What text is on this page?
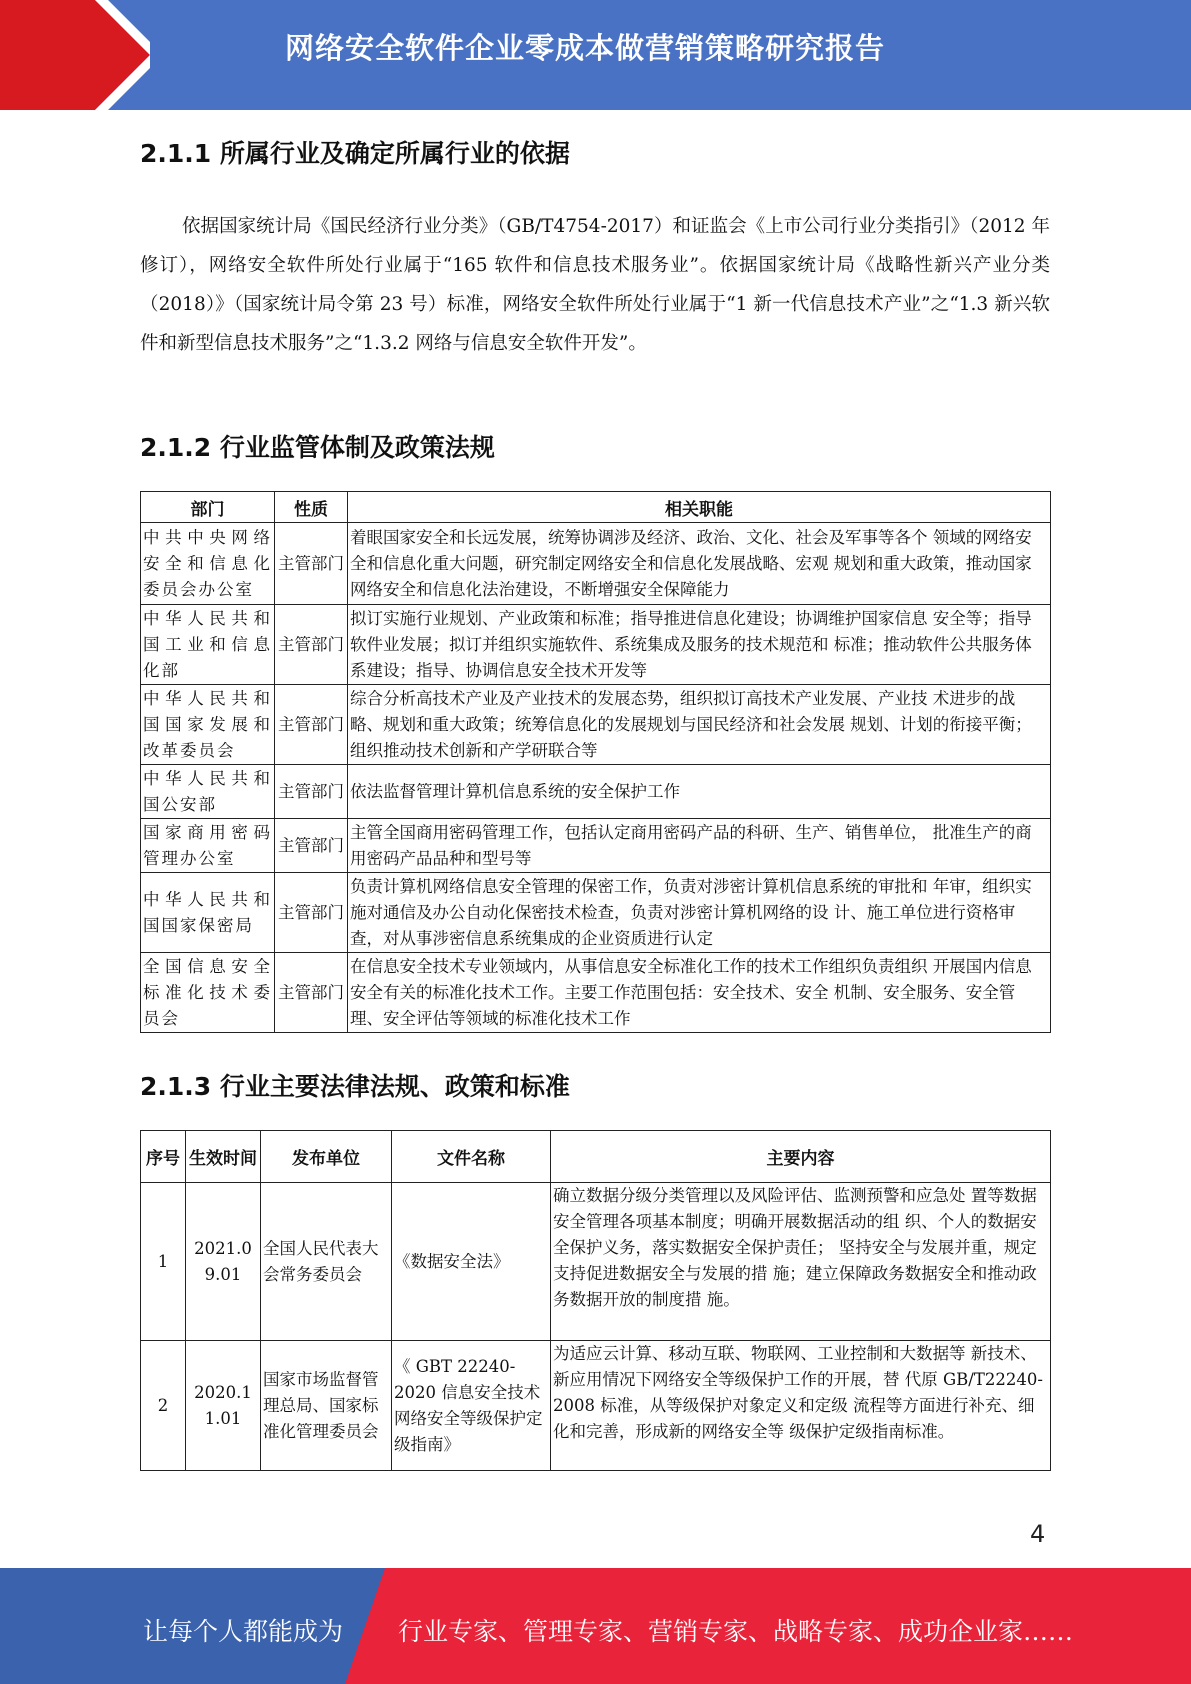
网络安全软件企业零成本做营销策略研究报告
2.1.1 所属行业及确定所属行业的依据

依据国家统计局《国民经济行业分类》（GB/T4754-2017）和证监会《上市公司行业分类指引》（2012 年修订），网络安全软件所处行业属于“165 软件和信息技术服务业”。依据国家统计局《战略性新兴产业分类（2018）》（国家统计局令第 23 号）标准，网络安全软件所处行业属于“1 新一代信息技术产业”之“1.3 新兴软件和新型信息技术服务”之“1.3.2 网络与信息安全软件开发”。

2.1.2 行业监管体制及政策法规
部门	性质	相关职能
中共中央网络安全和信息化委员会办公室	主管部门	着眼国家安全和长远发展，统筹协调涉及经济、政治、文化、社会及军事等各个 领域的网络安全和信息化重大问题，研究制定网络安全和信息化发展战略、宏观 规划和重大政策，推动国家网络安全和信息化法治建设，不断增强安全保障能力
中华人民共和国工业和信息化部	主管部门	拟订实施行业规划、产业政策和标准；指导推进信息化建设；协调维护国家信息 安全等；指导软件业发展；拟订并组织实施软件、系统集成及服务的技术规范和 标准；推动软件公共服务体系建设；指导、协调信息安全技术开发等
中华人民共和国国家发展和改革委员会	主管部门	综合分析高技术产业及产业技术的发展态势，组织拟订高技术产业发展、产业技 术进步的战略、规划和重大政策；统筹信息化的发展规划与国民经济和社会发展 规划、计划的衔接平衡；组织推动技术创新和产学研联合等
中华人民共和国公安部	主管部门	依法监督管理计算机信息系统的安全保护工作
国家商用密码管理办公室	主管部门	主管全国商用密码管理工作，包括认定商用密码产品的科研、生产、销售单位， 批准生产的商用密码产品品种和型号等
中华人民共和国国家保密局	主管部门	负责计算机网络信息安全管理的保密工作，负责对涉密计算机信息系统的审批和 年审，组织实施对通信及办公自动化保密技术检查，负责对涉密计算机网络的设 计、施工单位进行资格审查，对从事涉密信息系统集成的企业资质进行认定
全国信息安全标准化技术委员会	主管部门	在信息安全技术专业领域内，从事信息安全标准化工作的技术工作组织负责组织 开展国内信息安全有关的标准化技术工作。主要工作范围包括：安全技术、安全 机制、安全服务、安全管理、安全评估等领域的标准化技术工作
2.1.3 行业主要法律法规、政策和标准
序号	生效时间	发布单位	文件名称	主要内容
1	2021.09.01	全国人民代表大会常务委员会	《数据安全法》	确立数据分级分类管理以及风险评估、监测预警和应急处 置等数据安全管理各项基本制度；明确开展数据活动的组 织、个人的数据安全保护义务，落实数据安全保护责任； 坚持安全与发展并重，规定支持促进数据安全与发展的措 施；建立保障政务数据安全和推动政务数据开放的制度措 施。
2	2020.11.01	国家市场监督管理总局、国家标准化管理委员会	《 GBT 22240-2020 信息安全技术网络安全等级保护定级指南》	为适应云计算、移动互联、物联网、工业控制和大数据等 新技术、新应用情况下网络安全等级保护工作的开展，替 代原 GB/T22240-2008 标准，从等级保护对象定义和定级 流程等方面进行补充、细化和完善，形成新的网络安全等 级保护定级指南标准。
4
让每个人都能成为 行业专家、管理专家、营销专家、战略专家、成功企业家……
